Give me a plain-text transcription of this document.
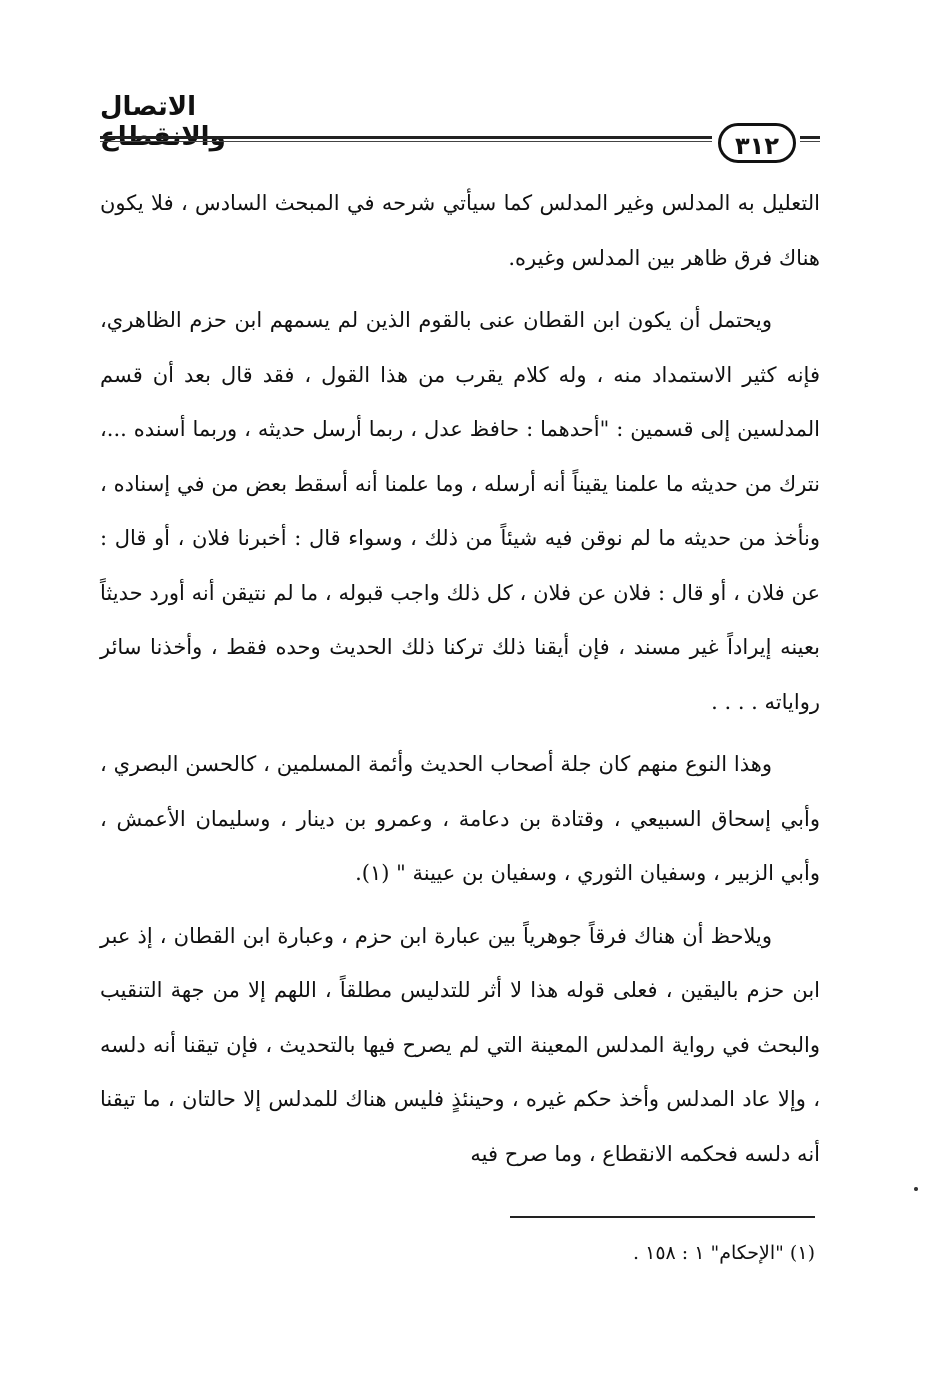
الاتصال والانقطاع	٣١٢

التعليل به المدلس وغير المدلس كما سيأتي شرحه في المبحث السادس ، فلا يكون هناك فرق ظاهر بين المدلس وغيره.

ويحتمل أن يكون ابن القطان عنى بالقوم الذين لم يسمهم ابن حزم الظاهري، فإنه كثير الاستمداد منه ، وله كلام يقرب من هذا القول ، فقد قال بعد أن قسم المدلسين إلى قسمين : "أحدهما : حافظ عدل ، ربما أرسل حديثه ، وربما أسنده ...، نترك من حديثه ما علمنا يقيناً أنه أرسله ، وما علمنا أنه أسقط بعض من في إسناده ، ونأخذ من حديثه ما لم نوقن فيه شيئاً من ذلك ، وسواء قال : أخبرنا فلان ، أو قال : عن فلان ، أو قال : فلان عن فلان ، كل ذلك واجب قبوله ، ما لم نتيقن أنه أورد حديثاً بعينه إيراداً غير مسند ، فإن أيقنا ذلك تركنا ذلك الحديث وحده فقط ، وأخذنا سائر رواياته . . . .

وهذا النوع منهم كان جلة أصحاب الحديث وأئمة المسلمين ، كالحسن البصري ، وأبي إسحاق السبيعي ، وقتادة بن دعامة ، وعمرو بن دينار ، وسليمان الأعمش ، وأبي الزبير ، وسفيان الثوري ، وسفيان بن عيينة " (١).

ويلاحظ أن هناك فرقاً جوهرياً بين عبارة ابن حزم ، وعبارة ابن القطان ، إذ عبر ابن حزم باليقين ، فعلى قوله هذا لا أثر للتدليس مطلقاً ، اللهم إلا من جهة التنقيب والبحث في رواية المدلس المعينة التي لم يصرح فيها بالتحديث ، فإن تيقنا أنه دلسه ، وإلا عاد المدلس وأخذ حكم غيره ، وحينئذٍ فليس هناك للمدلس إلا حالتان ، ما تيقنا أنه دلسه فحكمه الانقطاع ، وما صرح فيه

(١) "الإحكام" ١ : ١٥٨ .
